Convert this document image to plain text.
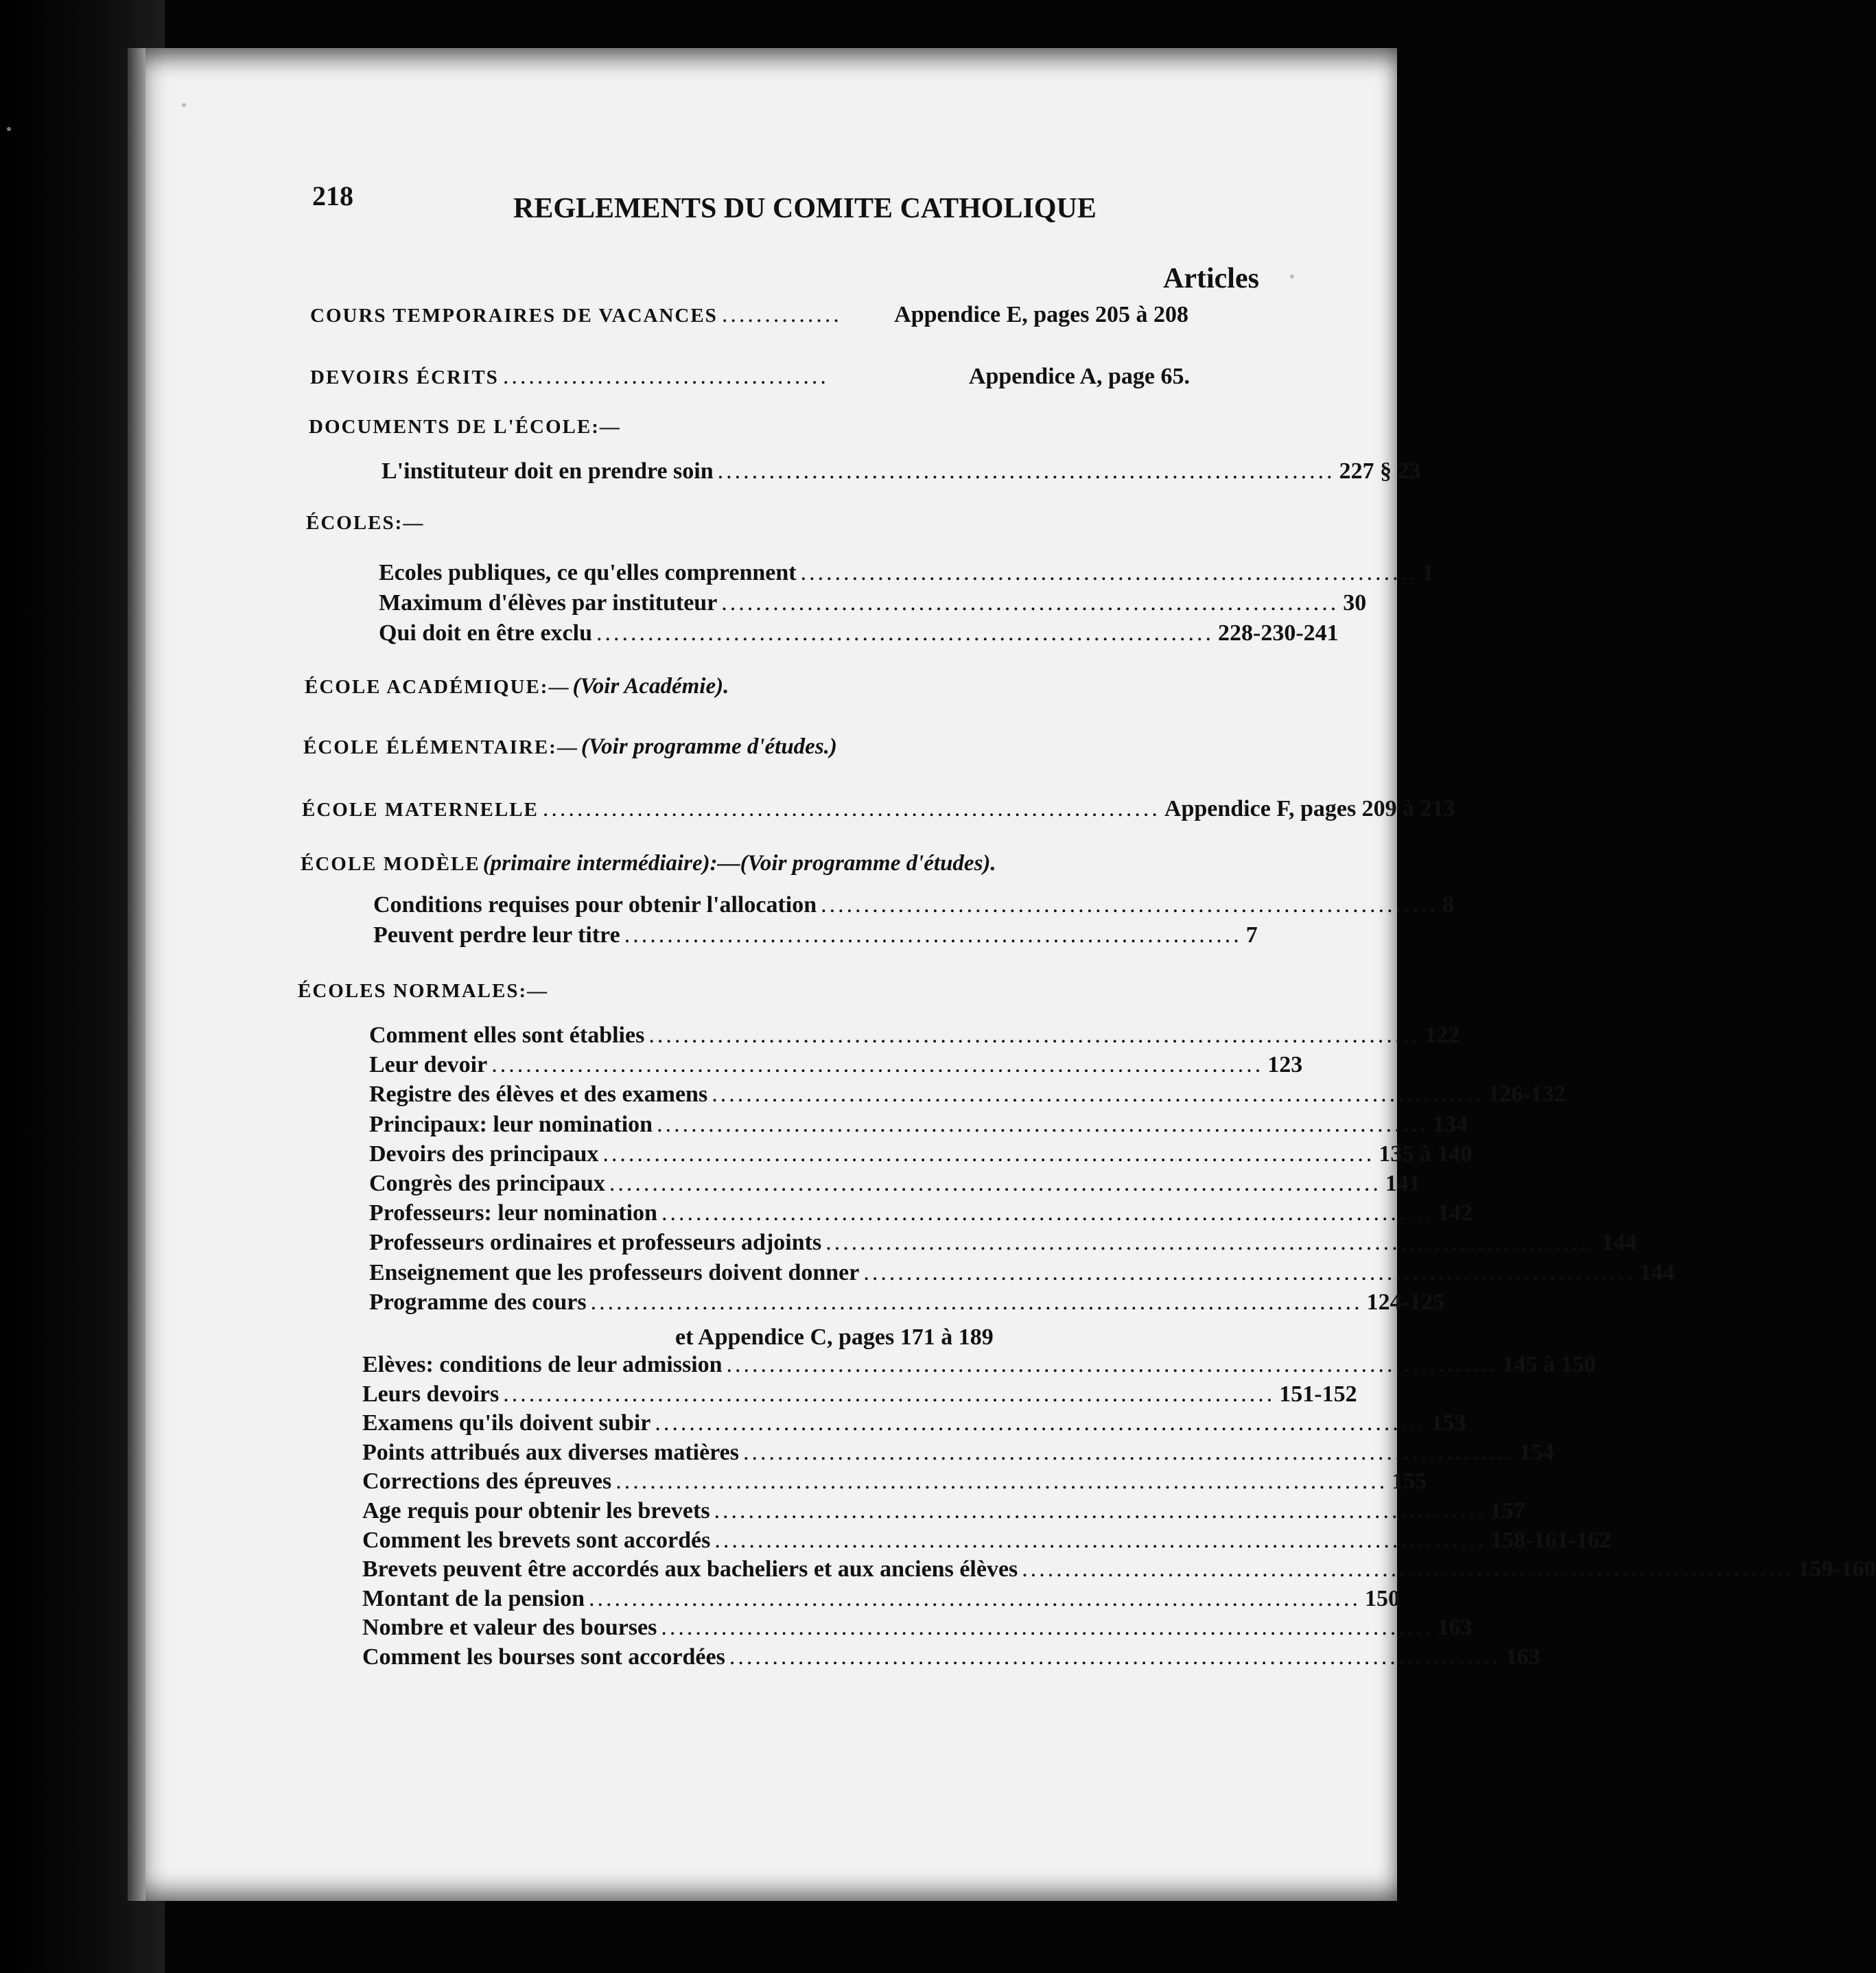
218	REGLEMENTS DU COMITE CATHOLIQUE
Articles
COURS TEMPORAIRES DE VACANCES ..............	Appendice E, pages 205 à 208
DEVOIRS ÉCRITS ......................................	Appendice A, page 65.
DOCUMENTS DE L'ÉCOLE:—
L'instituteur doit en prendre soin ........................................................................ 227 § 23
ÉCOLES:—
Ecoles publiques, ce qu'elles comprennent ........................................................................ 1
Maximum d'élèves par instituteur ........................................................................ 30
Qui doit en être exclu ........................................................................ 228-230-241
ÉCOLE ACADÉMIQUE:— (Voir Académie).
ÉCOLE ÉLÉMENTAIRE:— (Voir programme d'études.)
ÉCOLE MATERNELLE ........................................................................ Appendice F, pages 209 à 213
ÉCOLE MODÈLE (primaire intermédiaire):—(Voir programme d'études).
Conditions requises pour obtenir l'allocation ........................................................................ 8
Peuvent perdre leur titre ........................................................................ 7
ÉCOLES NORMALES:—
Comment elles sont établies .......................................................................................... 122
Leur devoir .......................................................................................... 123
Registre des élèves et des examens .......................................................................................... 126-132
Principaux: leur nomination .......................................................................................... 134
Devoirs des principaux .......................................................................................... 135 à 140
Congrès des principaux .......................................................................................... 141
Professeurs: leur nomination .......................................................................................... 142
Professeurs ordinaires et professeurs adjoints .......................................................................................... 144
Enseignement que les professeurs doivent donner .......................................................................................... 144
Programme des cours .......................................................................................... 124-125
et Appendice C, pages 171 à 189
Elèves: conditions de leur admission .......................................................................................... 145 à 150
Leurs devoirs .......................................................................................... 151-152
Examens qu'ils doivent subir .......................................................................................... 153
Points attribués aux diverses matières .......................................................................................... 154
Corrections des épreuves .......................................................................................... 155
Age requis pour obtenir les brevets .......................................................................................... 157
Comment les brevets sont accordés .......................................................................................... 158-161-162
Brevets peuvent être accordés aux bacheliers et aux anciens élèves .......................................................................................... 159-160
Montant de la pension .......................................................................................... 150
Nombre et valeur des bourses .......................................................................................... 163
Comment les bourses sont accordées .......................................................................................... 163
